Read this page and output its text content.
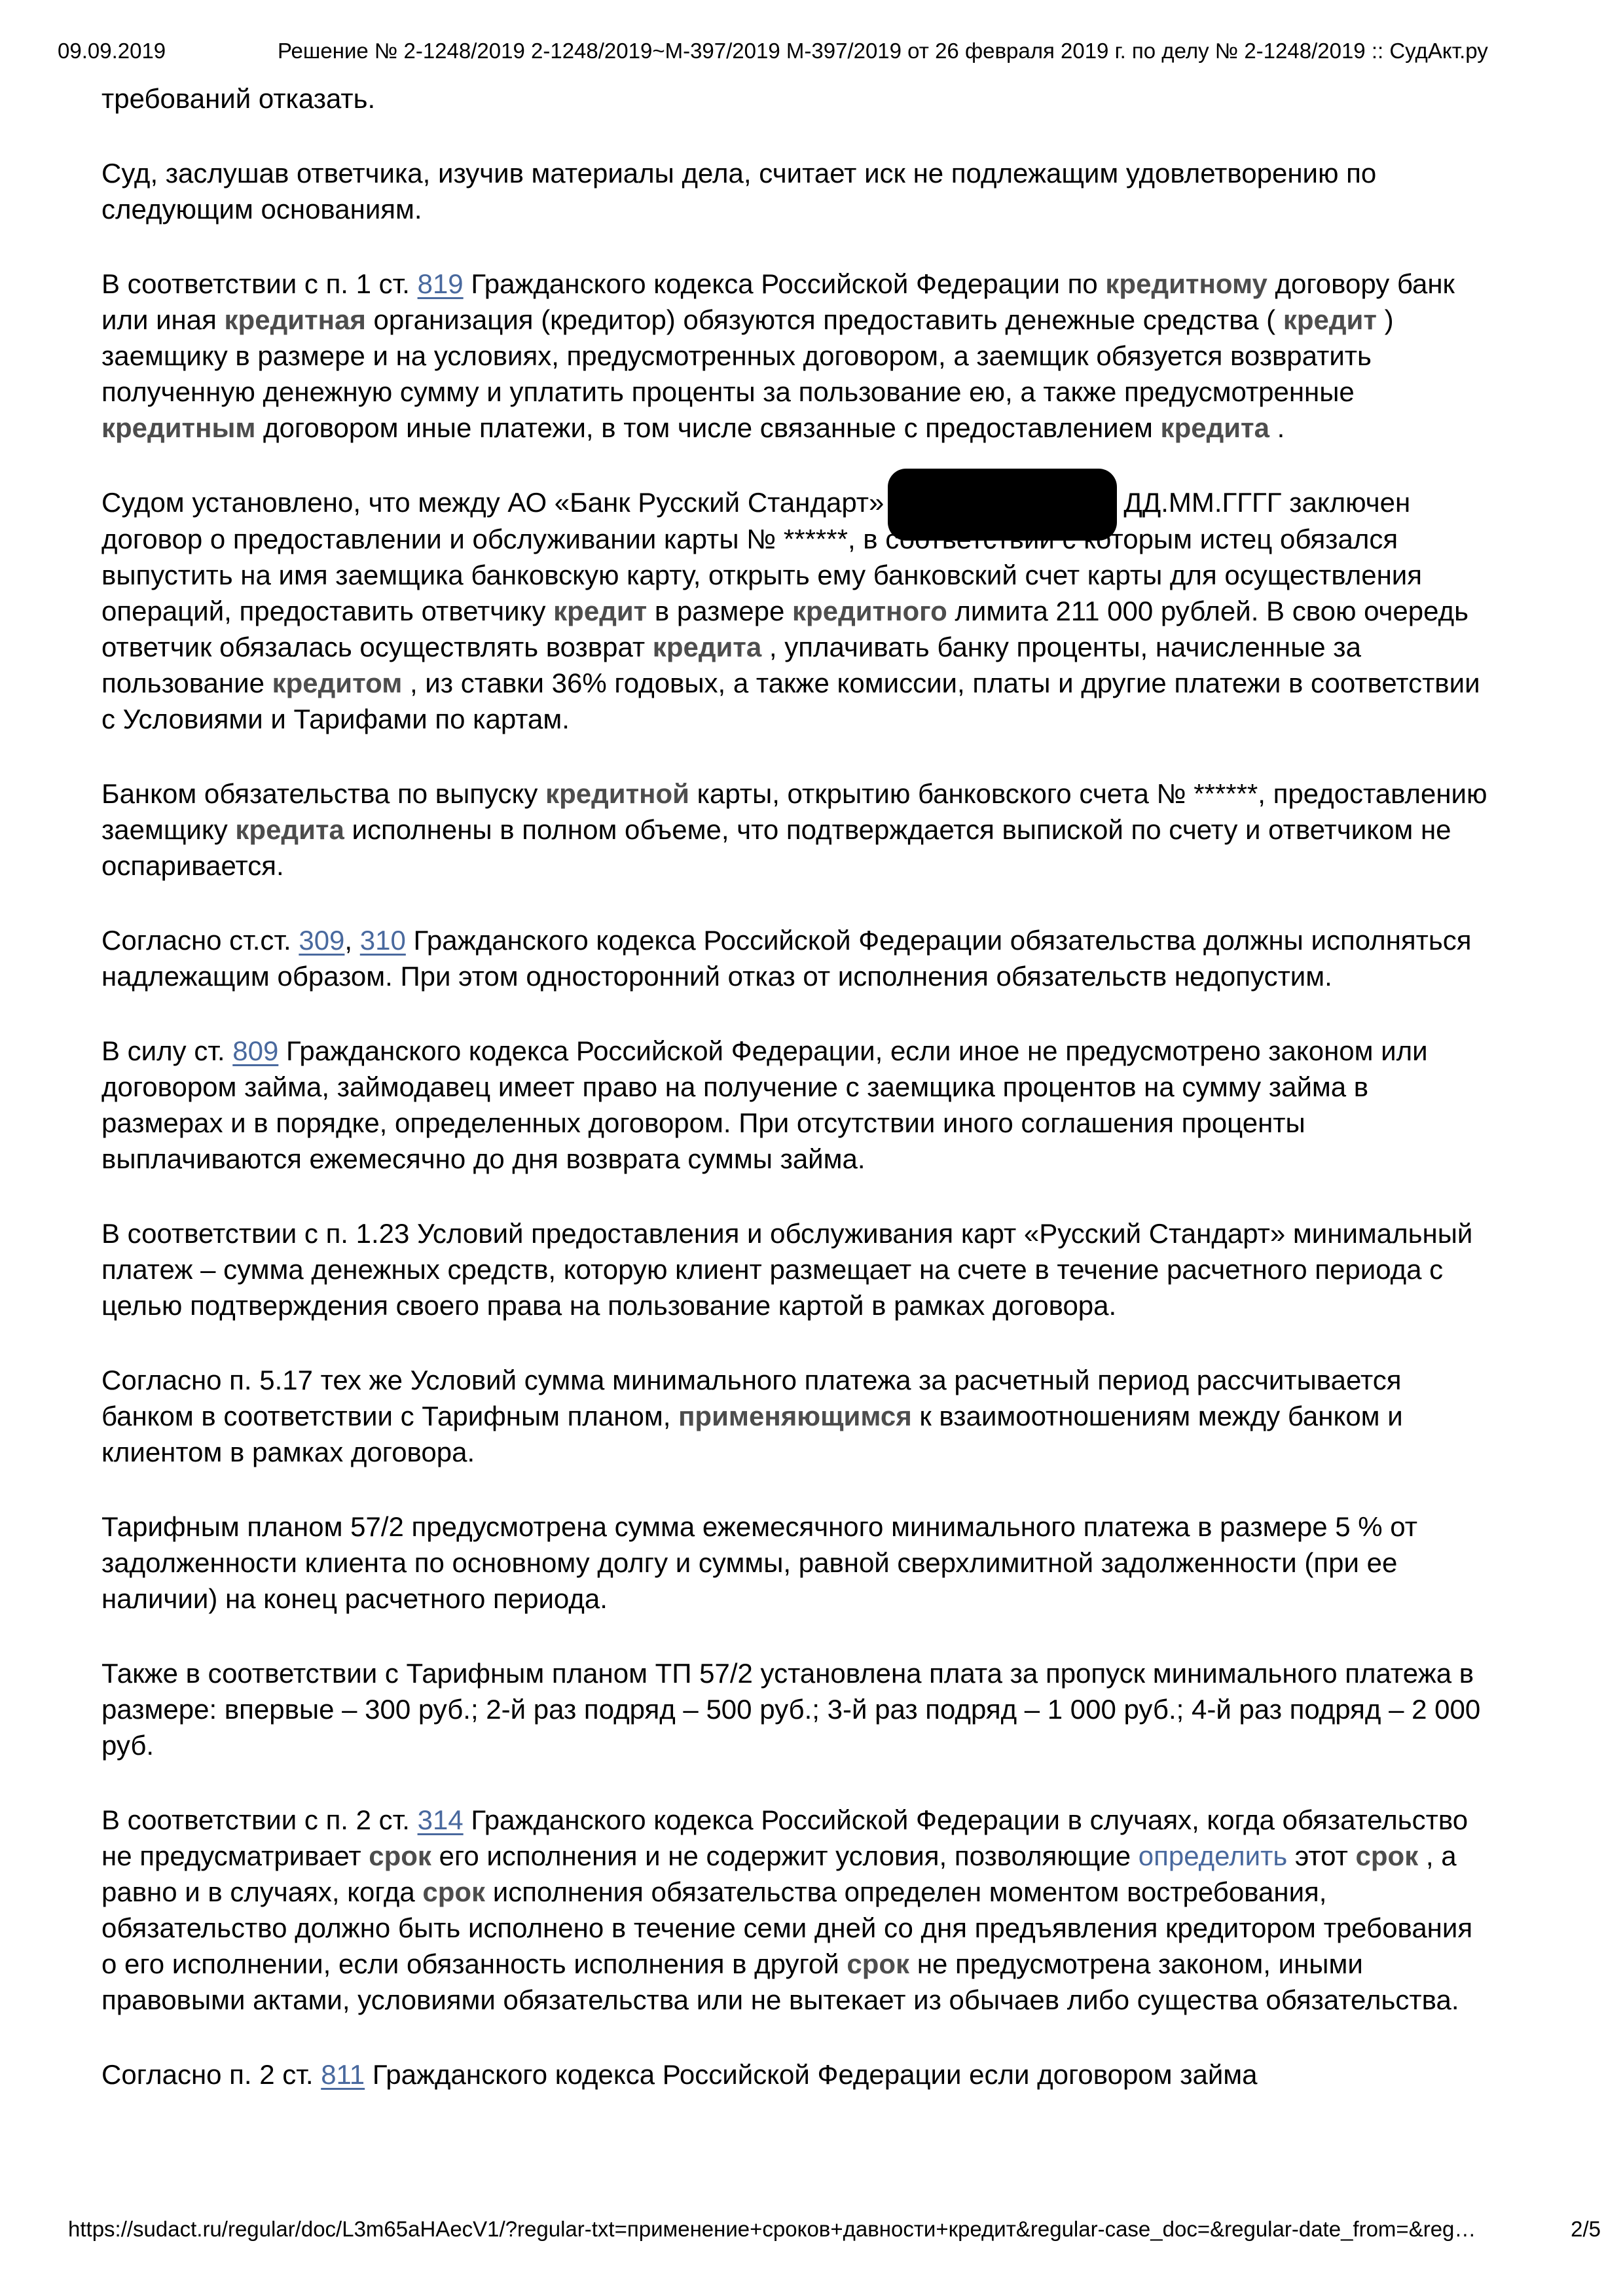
09.09.2019	Решение № 2-1248/2019 2-1248/2019~М-397/2019 М-397/2019 от 26 февраля 2019 г. по делу № 2-1248/2019 :: СудАкт.ру

требований отказать.

Суд, заслушав ответчика, изучив материалы дела, считает иск не подлежащим удовлетворению по следующим основаниям.

В соответствии с п. 1 ст. 819 Гражданского кодекса Российской Федерации по кредитному договору банк или иная кредитная организация (кредитор) обязуются предоставить денежные средства ( кредит ) заемщику в размере и на условиях, предусмотренных договором, а заемщик обязуется возвратить полученную денежную сумму и уплатить проценты за пользование ею, а также предусмотренные кредитным договором иные платежи, в том числе связанные с предоставлением кредита .

Судом установлено, что между АО «Банк Русский Стандарт»	ДД.ММ.ГГГГ заключен договор о предоставлении и обслуживании карты № ******, в соответствии с которым истец обязался выпустить на имя заемщика банковскую карту, открыть ему банковский счет карты для осуществления операций, предоставить ответчику кредит в размере кредитного лимита 211 000 рублей. В свою очередь ответчик обязалась осуществлять возврат кредита , уплачивать банку проценты, начисленные за пользование кредитом , из ставки 36% годовых, а также комиссии, платы и другие платежи в соответствии с Условиями и Тарифами по картам.

Банком обязательства по выпуску кредитной карты, открытию банковского счета № ******, предоставлению заемщику кредита исполнены в полном объеме, что подтверждается выпиской по счету и ответчиком не оспаривается.

Согласно ст.ст. 309, 310 Гражданского кодекса Российской Федерации обязательства должны исполняться надлежащим образом. При этом односторонний отказ от исполнения обязательств недопустим.

В силу ст. 809 Гражданского кодекса Российской Федерации, если иное не предусмотрено законом или договором займа, займодавец имеет право на получение с заемщика процентов на сумму займа в размерах и в порядке, определенных договором. При отсутствии иного соглашения проценты выплачиваются ежемесячно до дня возврата суммы займа.

В соответствии с п. 1.23 Условий предоставления и обслуживания карт «Русский Стандарт» минимальный платеж – сумма денежных средств, которую клиент размещает на счете в течение расчетного периода с целью подтверждения своего права на пользование картой в рамках договора.

Согласно п. 5.17 тех же Условий сумма минимального платежа за расчетный период рассчитывается банком в соответствии с Тарифным планом, применяющимся к взаимоотношениям между банком и клиентом в рамках договора.

Тарифным планом 57/2 предусмотрена сумма ежемесячного минимального платежа в размере 5 % от задолженности клиента по основному долгу и суммы, равной сверхлимитной задолженности (при ее наличии) на конец расчетного периода.

Также в соответствии с Тарифным планом ТП 57/2 установлена плата за пропуск минимального платежа в размере: впервые – 300 руб.; 2-й раз подряд – 500 руб.; 3-й раз подряд – 1 000 руб.; 4-й раз подряд – 2 000 руб.

В соответствии с п. 2 ст. 314 Гражданского кодекса Российской Федерации в случаях, когда обязательство не предусматривает срок его исполнения и не содержит условия, позволяющие определить этот срок , а равно и в случаях, когда срок исполнения обязательства определен моментом востребования, обязательство должно быть исполнено в течение семи дней со дня предъявления кредитором требования о его исполнении, если обязанность исполнения в другой срок не предусмотрена законом, иными правовыми актами, условиями обязательства или не вытекает из обычаев либо существа обязательства.

Согласно п. 2 ст. 811 Гражданского кодекса Российской Федерации если договором займа

https://sudact.ru/regular/doc/L3m65aHAecV1/?regular-txt=применение+сроков+давности+кредит&regular-case_doc=&regular-date_from=&reg…	2/5
